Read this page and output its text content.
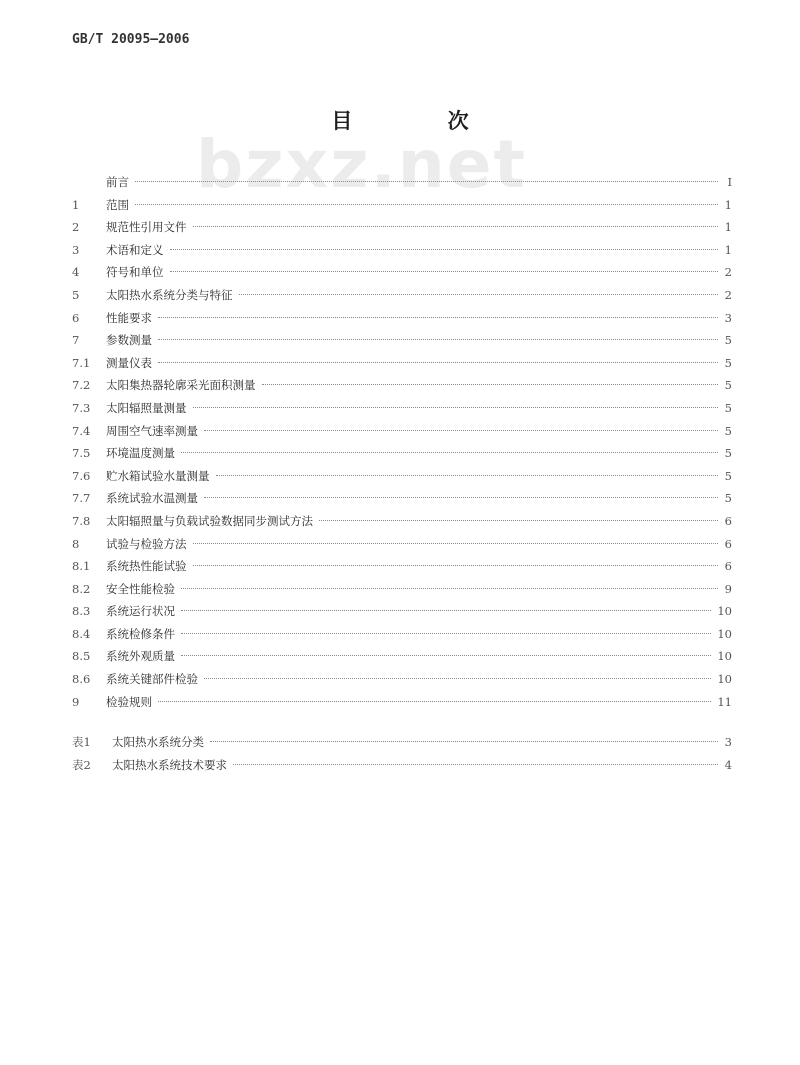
GB/T 20095—2006
bzxz.net
目 次
前言	I
1	范围	1
2	规范性引用文件	1
3	术语和定义	1
4	符号和单位	2
5	太阳热水系统分类与特征	2
6	性能要求	3
7	参数测量	5
7.1	测量仪表	5
7.2	太阳集热器轮廓采光面积测量	5
7.3	太阳辐照量测量	5
7.4	周围空气速率测量	5
7.5	环境温度测量	5
7.6	贮水箱试验水量测量	5
7.7	系统试验水温测量	5
7.8	太阳辐照量与负载试验数据同步测试方法	6
8	试验与检验方法	6
8.1	系统热性能试验	6
8.2	安全性能检验	9
8.3	系统运行状况	10
8.4	系统检修条件	10
8.5	系统外观质量	10
8.6	系统关键部件检验	10
9	检验规则	11
表1	太阳热水系统分类	3
表2	太阳热水系统技术要求	4
